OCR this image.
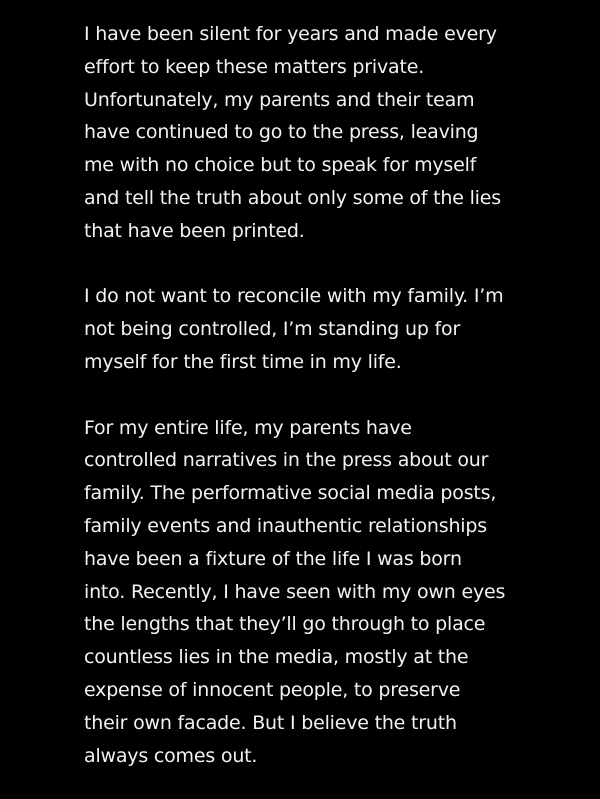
I have been silent for years and made every
effort to keep these matters private.
Unfortunately, my parents and their team
have continued to go to the press, leaving
me with no choice but to speak for myself
and tell the truth about only some of the lies
that have been printed.
I do not want to reconcile with my family. I’m
not being controlled, I’m standing up for
myself for the first time in my life.
For my entire life, my parents have
controlled narratives in the press about our
family. The performative social media posts,
family events and inauthentic relationships
have been a fixture of the life I was born
into. Recently, I have seen with my own eyes
the lengths that they’ll go through to place
countless lies in the media, mostly at the
expense of innocent people, to preserve
their own facade. But I believe the truth
always comes out.
